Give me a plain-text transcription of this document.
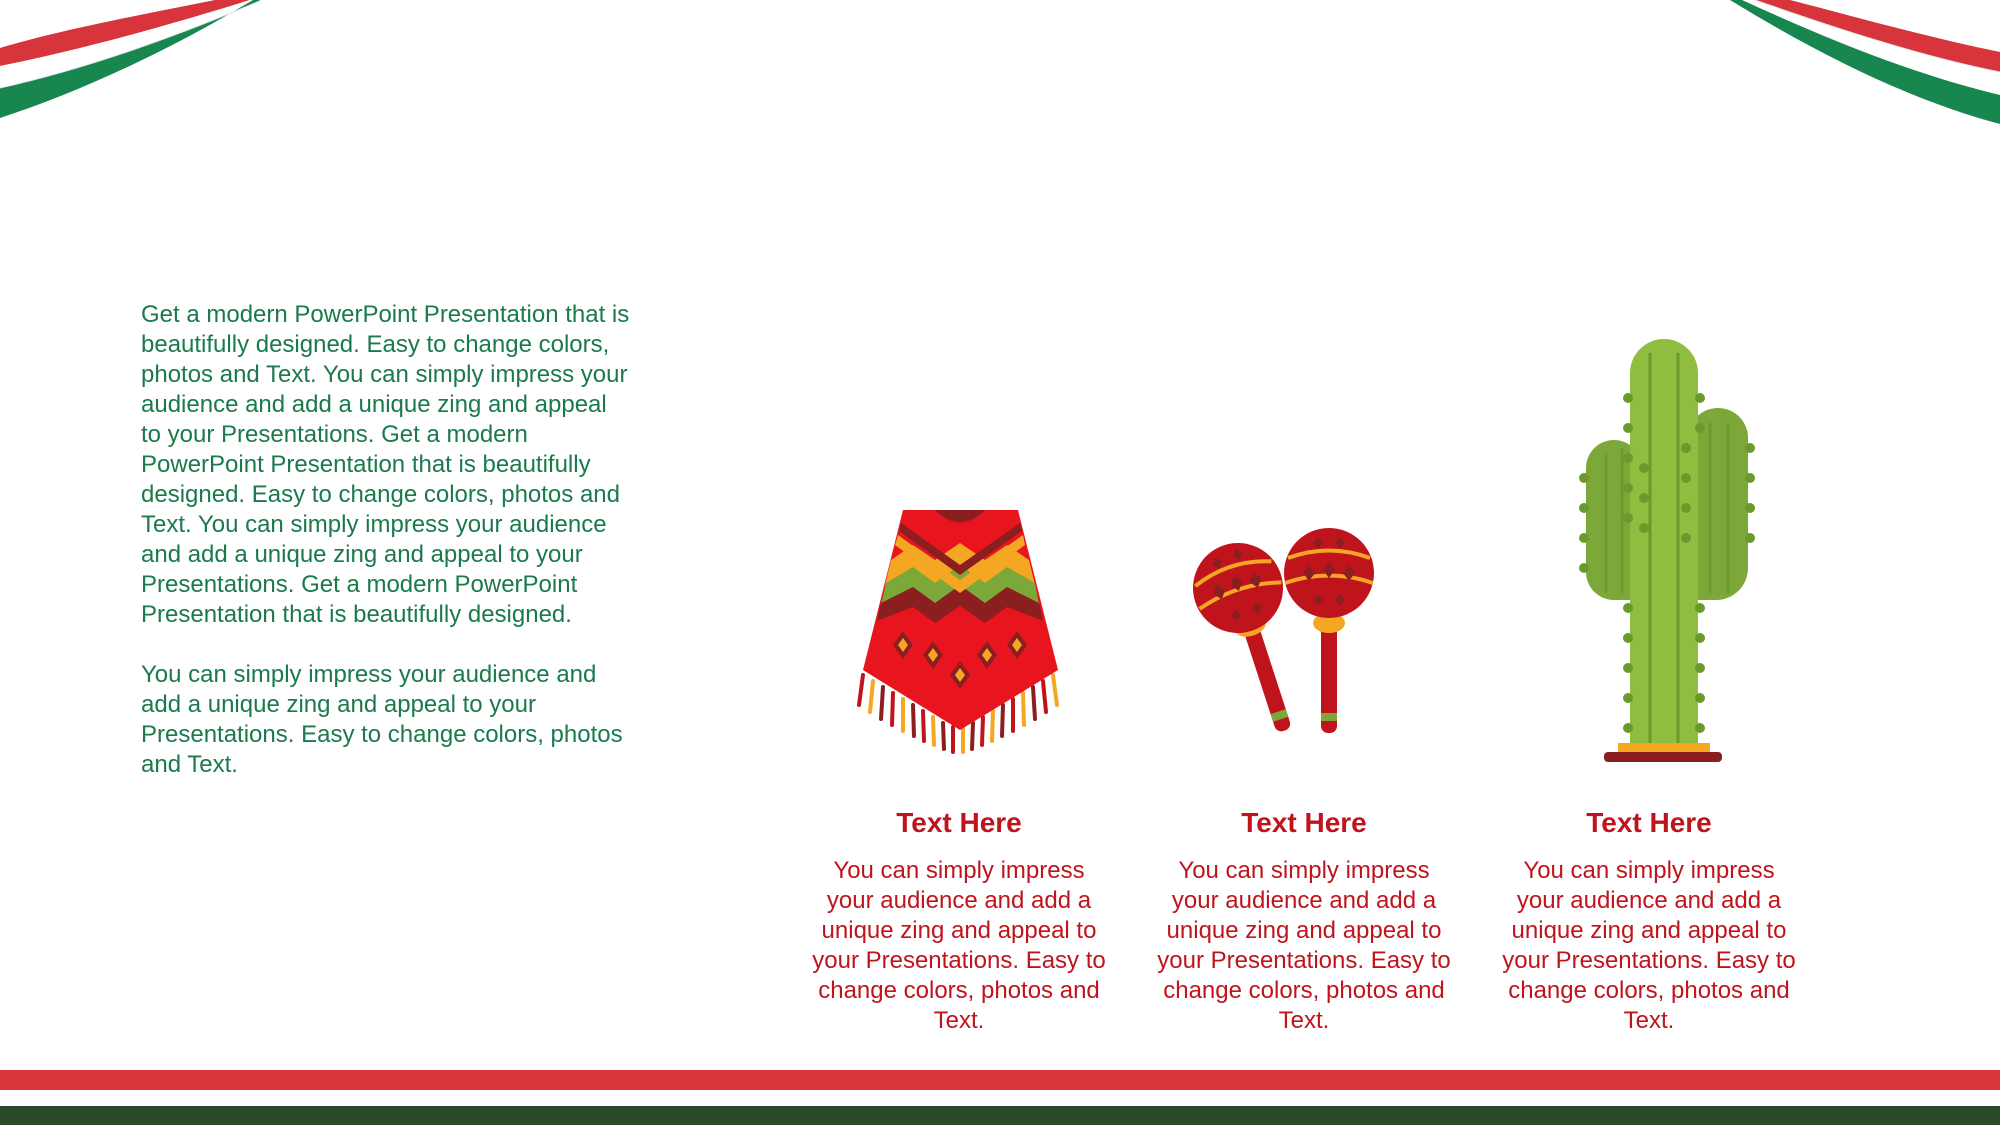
Get a modern PowerPoint Presentation that is beautifully designed. Easy to change colors, photos and Text. You can simply impress your audience and add a unique zing and appeal to your Presentations. Get a modern PowerPoint Presentation that is beautifully designed. Easy to change colors, photos and Text. You can simply impress your audience and add a unique zing and appeal to your Presentations. Get a modern PowerPoint Presentation that is beautifully designed.

You can simply impress your audience and add a unique zing and appeal to your Presentations. Easy to change colors, photos and Text.

Text Here
You can simply impress your audience and add a unique zing and appeal to your Presentations. Easy to change colors, photos and Text.
Text Here
You can simply impress your audience and add a unique zing and appeal to your Presentations. Easy to change colors, photos and Text.
Text Here
You can simply impress your audience and add a unique zing and appeal to your Presentations. Easy to change colors, photos and Text.
